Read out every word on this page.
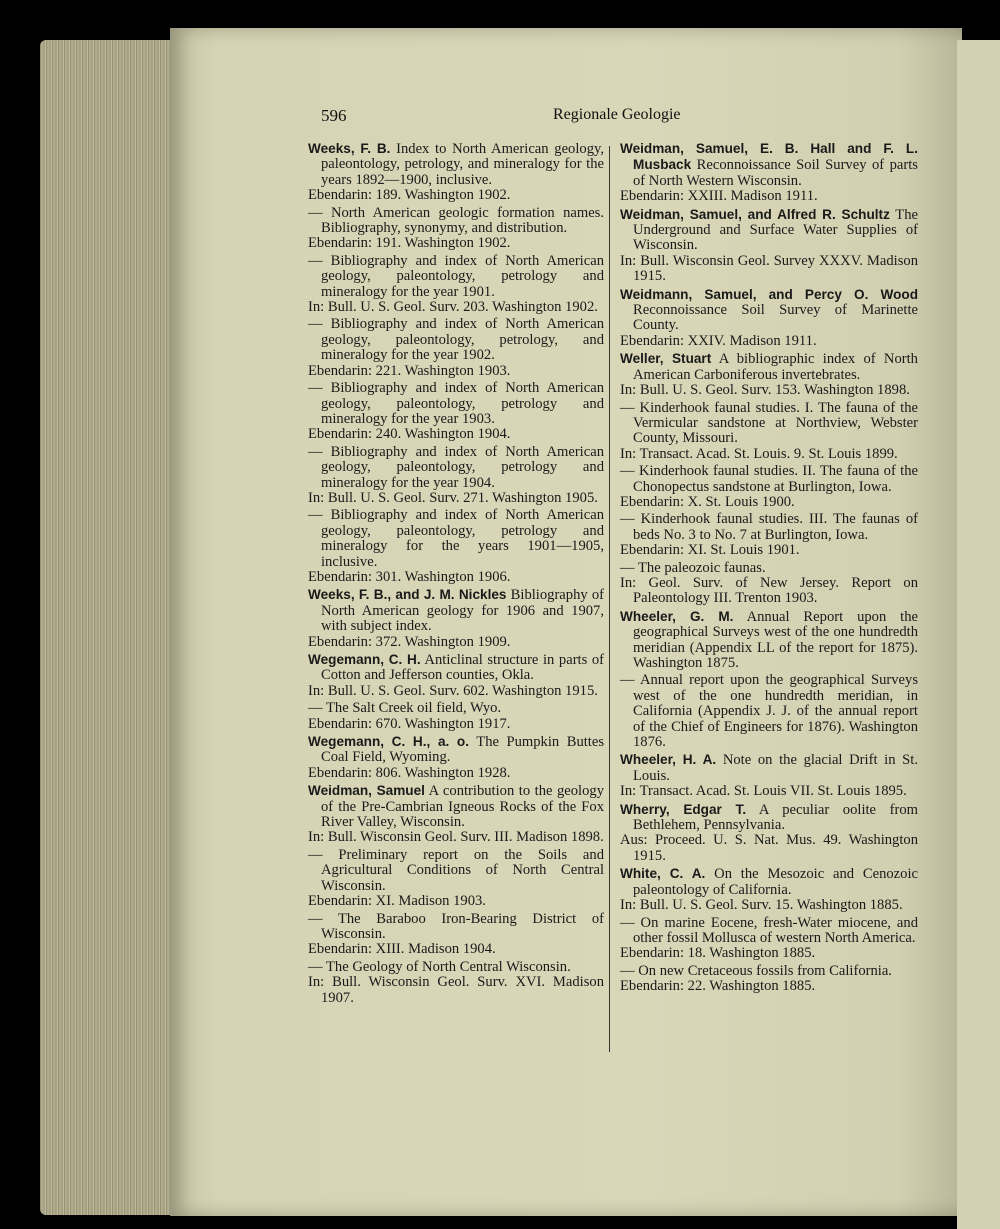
596	Regionale Geologie
Weeks, F. B. Index to North American geology, paleontology, petrology, and mineralogy for the years 1892—1900, inclusive.
Ebendarin: 189. Washington 1902.
— North American geologic formation names. Bibliography, synonymy, and distribution.
Ebendarin: 191. Washington 1902.
— Bibliography and index of North American geology, paleontology, petrology and mineralogy for the year 1901.
In: Bull. U. S. Geol. Surv. 203. Washington 1902.
— Bibliography and index of North American geology, paleontology, petrology, and mineralogy for the year 1902.
Ebendarin: 221. Washington 1903.
— Bibliography and index of North American geology, paleontology, petrology and mineralogy for the year 1903.
Ebendarin: 240. Washington 1904.
— Bibliography and index of North American geology, paleontology, petrology and mineralogy for the year 1904.
In: Bull. U. S. Geol. Surv. 271. Washington 1905.
— Bibliography and index of North American geology, paleontology, petrology and mineralogy for the years 1901—1905, inclusive.
Ebendarin: 301. Washington 1906.
Weeks, F. B., and J. M. Nickles Bibliography of North American geology for 1906 and 1907, with subject index.
Ebendarin: 372. Washington 1909.
Wegemann, C. H. Anticlinal structure in parts of Cotton and Jefferson counties, Okla.
In: Bull. U. S. Geol. Surv. 602. Washington 1915.
— The Salt Creek oil field, Wyo.
Ebendarin: 670. Washington 1917.
Wegemann, C. H., a. o. The Pumpkin Buttes Coal Field, Wyoming.
Ebendarin: 806. Washington 1928.
Weidman, Samuel A contribution to the geology of the Pre-Cambrian Igneous Rocks of the Fox River Valley, Wisconsin.
In: Bull. Wisconsin Geol. Surv. III. Madison 1898.
— Preliminary report on the Soils and Agricultural Conditions of North Central Wisconsin.
Ebendarin: XI. Madison 1903.
— The Baraboo Iron-Bearing District of Wisconsin.
Ebendarin: XIII. Madison 1904.
— The Geology of North Central Wisconsin.
In: Bull. Wisconsin Geol. Surv. XVI. Madison 1907.
Weidman, Samuel, E. B. Hall and F. L. Musback Reconnoissance Soil Survey of parts of North Western Wisconsin.
Ebendarin: XXIII. Madison 1911.
Weidman, Samuel, and Alfred R. Schultz The Underground and Surface Water Supplies of Wisconsin.
In: Bull. Wisconsin Geol. Survey XXXV. Madison 1915.
Weidmann, Samuel, and Percy O. Wood Reconnoissance Soil Survey of Marinette County.
Ebendarin: XXIV. Madison 1911.
Weller, Stuart A bibliographic index of North American Carboniferous invertebrates.
In: Bull. U. S. Geol. Surv. 153. Washington 1898.
— Kinderhook faunal studies. I. The fauna of the Vermicular sandstone at Northview, Webster County, Missouri.
In: Transact. Acad. St. Louis. 9. St. Louis 1899.
— Kinderhook faunal studies. II. The fauna of the Chonopectus sandstone at Burlington, Iowa.
Ebendarin: X. St. Louis 1900.
— Kinderhook faunal studies. III. The faunas of beds No. 3 to No. 7 at Burlington, Iowa.
Ebendarin: XI. St. Louis 1901.
— The paleozoic faunas.
In: Geol. Surv. of New Jersey. Report on Paleontology III. Trenton 1903.
Wheeler, G. M. Annual Report upon the geographical Surveys west of the one hundredth meridian (Appendix LL of the report for 1875). Washington 1875.
— Annual report upon the geographical Surveys west of the one hundredth meridian, in California (Appendix J. J. of the annual report of the Chief of Engineers for 1876). Washington 1876.
Wheeler, H. A. Note on the glacial Drift in St. Louis.
In: Transact. Acad. St. Louis VII. St. Louis 1895.
Wherry, Edgar T. A peculiar oolite from Bethlehem, Pennsylvania.
Aus: Proceed. U. S. Nat. Mus. 49. Washington 1915.
White, C. A. On the Mesozoic and Cenozoic paleontology of California.
In: Bull. U. S. Geol. Surv. 15. Washington 1885.
— On marine Eocene, fresh-Water miocene, and other fossil Mollusca of western North America.
Ebendarin: 18. Washington 1885.
— On new Cretaceous fossils from California.
Ebendarin: 22. Washington 1885.
